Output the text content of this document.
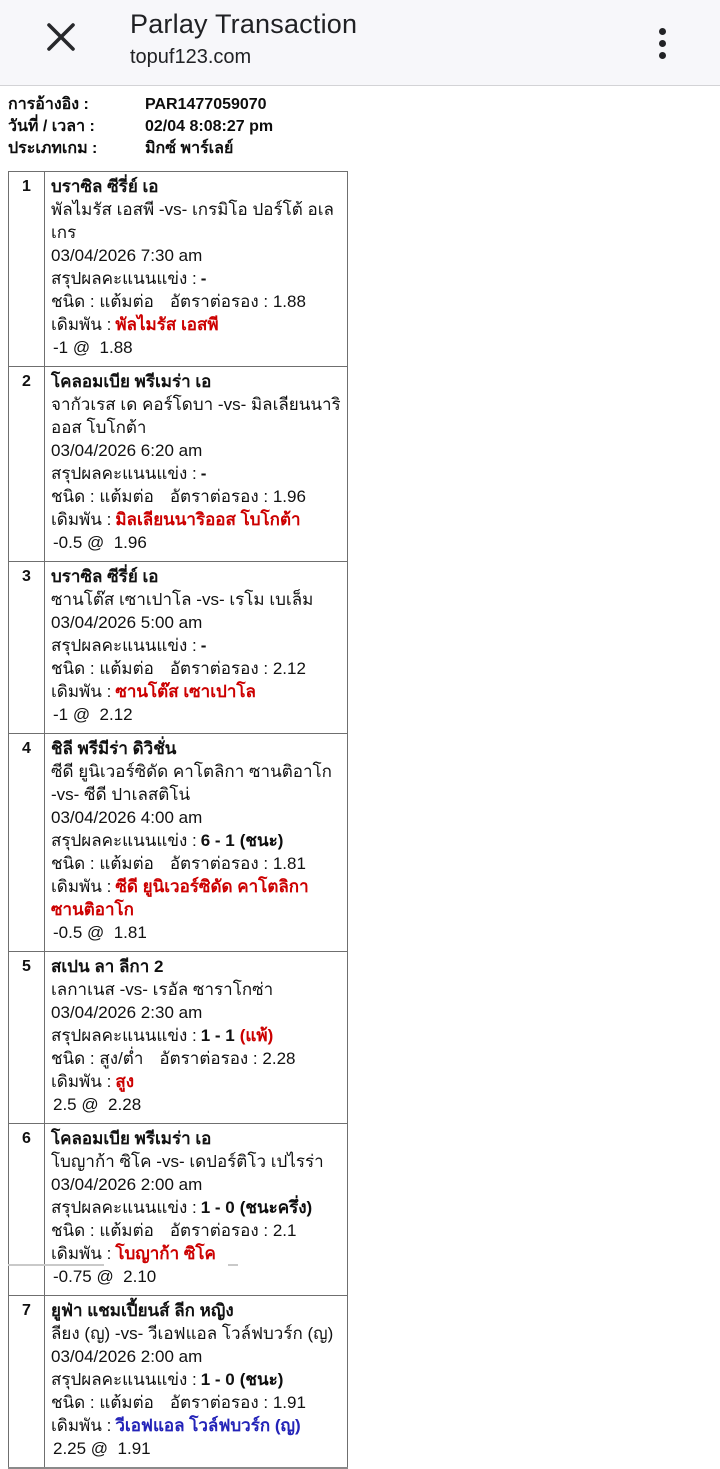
Parlay Transaction
topuf123.com
การอ้างอิง :	PAR1477059070
วันที่ / เวลา :	02/04 8:08:27 pm
ประเภทเกม :	มิกซ์ พาร์เลย์
1	บราซิล ซีรี่ย์ เอ
พัลไมรัส เอสพี -vs- เกรมิโอ ปอร์โต้ อเลเกร
03/04/2026 7:30 am
สรุปผลคะแนนแข่ง : -
ชนิด : แต้มต่อ อัตราต่อรอง : 1.88
เดิมพัน : พัลไมรัส เอสพี
-1 @  1.88

2	โคลอมเบีย พรีเมร่า เอ
จากัวเรส เด คอร์โดบา -vs- มิลเลียนนาริออส โบโกต้า
03/04/2026 6:20 am
สรุปผลคะแนนแข่ง : -
ชนิด : แต้มต่อ อัตราต่อรอง : 1.96
เดิมพัน : มิลเลียนนาริออส โบโกต้า
-0.5 @  1.96

3	บราซิล ซีรี่ย์ เอ
ซานโต๊ส เซาเปาโล -vs- เรโม เบเล็ม
03/04/2026 5:00 am
สรุปผลคะแนนแข่ง : -
ชนิด : แต้มต่อ อัตราต่อรอง : 2.12
เดิมพัน : ซานโต๊ส เซาเปาโล
-1 @  2.12

4	ชิลี พรีมีร่า ดิวิชั่น
ซีดี ยูนิเวอร์ซิดัด คาโตลิกา ซานติอาโก -vs- ซีดี ปาเลสติโน่
03/04/2026 4:00 am
สรุปผลคะแนนแข่ง : 6 - 1 (ชนะ)
ชนิด : แต้มต่อ อัตราต่อรอง : 1.81
เดิมพัน : ซีดี ยูนิเวอร์ซิดัด คาโตลิกา ซานติอาโก
-0.5 @  1.81

5	สเปน ลา ลีกา 2
เลกาเนส -vs- เรอัล ซาราโกซ่า
03/04/2026 2:30 am
สรุปผลคะแนนแข่ง : 1 - 1 (แพ้)
ชนิด : สูง/ต่ำ อัตราต่อรอง : 2.28
เดิมพัน : สูง
2.5 @  2.28

6	โคลอมเบีย พรีเมร่า เอ
โบญาก้า ซิโค -vs- เดปอร์ติโว เปไรร่า
03/04/2026 2:00 am
สรุปผลคะแนนแข่ง : 1 - 0 (ชนะครึ่ง)
ชนิด : แต้มต่อ อัตราต่อรอง : 2.1
เดิมพัน : โบญาก้า ซิโค
-0.75 @  2.10

7	ยูฟ่า แชมเปี้ยนส์ ลีก หญิง
ลียง (ญ) -vs- วีเอฟแอล โวล์ฟบวร์ก (ญ)
03/04/2026 2:00 am
สรุปผลคะแนนแข่ง : 1 - 0 (ชนะ)
ชนิด : แต้มต่อ อัตราต่อรอง : 1.91
เดิมพัน : วีเอฟแอล โวล์ฟบวร์ก (ญ)
2.25 @  1.91
